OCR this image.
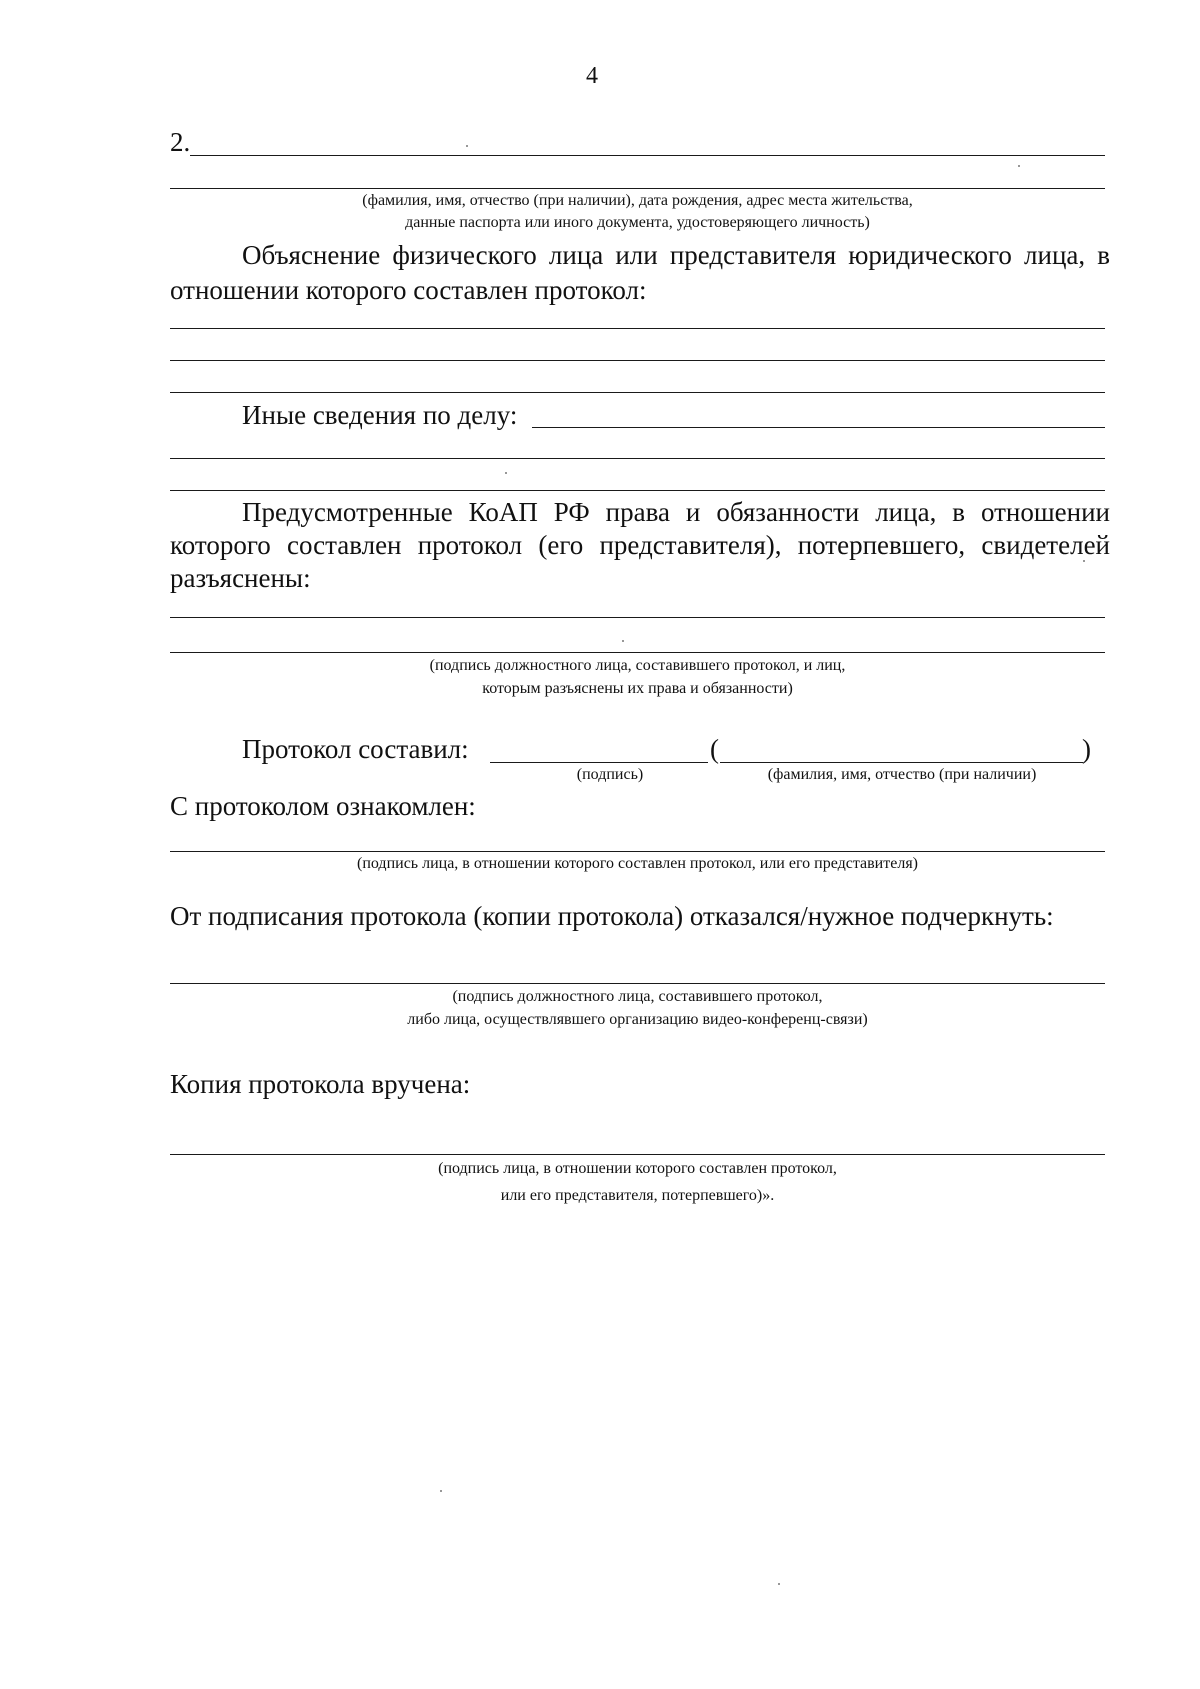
4
2.
(фамилия, имя, отчество (при наличии), дата рождения, адрес места жительства,
данные паспорта или иного документа, удостоверяющего личность)
Объяснение физического лица или представителя юридического лица, в
отношении которого составлен протокол:
Иные сведения по делу:
Предусмотренные КоАП РФ права и обязанности лица, в отношении
которого составлен протокол (его представителя), потерпевшего, свидетелей
разъяснены:
(подпись должностного лица, составившего протокол, и лиц,
которым разъяснены их права и обязанности)
Протокол составил:	(	)
(подпись)	(фамилия, имя, отчество (при наличии)
С протоколом ознакомлен:
(подпись лица, в отношении которого составлен протокол, или его представителя)
От подписания протокола (копии протокола) отказался/нужное подчеркнуть:
(подпись должностного лица, составившего протокол,
либо лица, осуществлявшего организацию видео-конференц-связи)
Копия протокола вручена:
(подпись лица, в отношении которого составлен протокол,
или его представителя, потерпевшего)».
